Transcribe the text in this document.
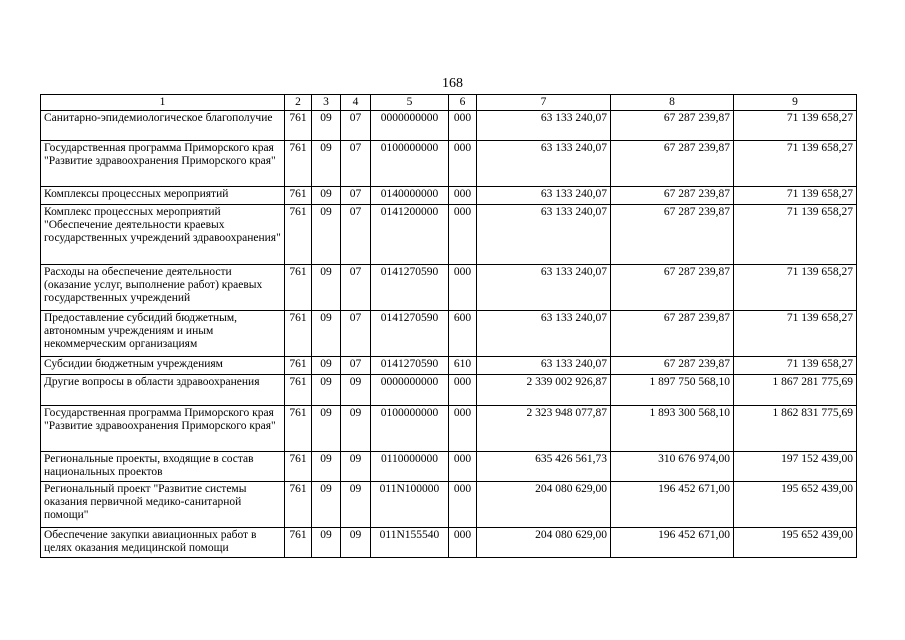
168
1	2	3	4	5	6	7	8	9
Санитарно-эпидемиологическое благополучие	761	09	07	0000000000	000	63 133 240,07	67 287 239,87	71 139 658,27
Государственная программа Приморского края "Развитие здравоохранения Приморского края"	761	09	07	0100000000	000	63 133 240,07	67 287 239,87	71 139 658,27
Комплексы процессных мероприятий	761	09	07	0140000000	000	63 133 240,07	67 287 239,87	71 139 658,27
Комплекс процессных мероприятий "Обеспечение деятельности краевых государственных учреждений здравоохранения"	761	09	07	0141200000	000	63 133 240,07	67 287 239,87	71 139 658,27
Расходы на обеспечение деятельности (оказание услуг, выполнение работ) краевых государственных учреждений	761	09	07	0141270590	000	63 133 240,07	67 287 239,87	71 139 658,27
Предоставление субсидий бюджетным, автономным учреждениям и иным некоммерческим организациям	761	09	07	0141270590	600	63 133 240,07	67 287 239,87	71 139 658,27
Субсидии бюджетным учреждениям	761	09	07	0141270590	610	63 133 240,07	67 287 239,87	71 139 658,27
Другие вопросы в области здравоохранения	761	09	09	0000000000	000	2 339 002 926,87	1 897 750 568,10	1 867 281 775,69
Государственная программа Приморского края "Развитие здравоохранения Приморского края"	761	09	09	0100000000	000	2 323 948 077,87	1 893 300 568,10	1 862 831 775,69
Региональные проекты, входящие в состав национальных проектов	761	09	09	0110000000	000	635 426 561,73	310 676 974,00	197 152 439,00
Региональный проект "Развитие системы оказания первичной медико-санитарной помощи"	761	09	09	011N100000	000	204 080 629,00	196 452 671,00	195 652 439,00
Обеспечение закупки авиационных работ в целях оказания медицинской помощи	761	09	09	011N155540	000	204 080 629,00	196 452 671,00	195 652 439,00
